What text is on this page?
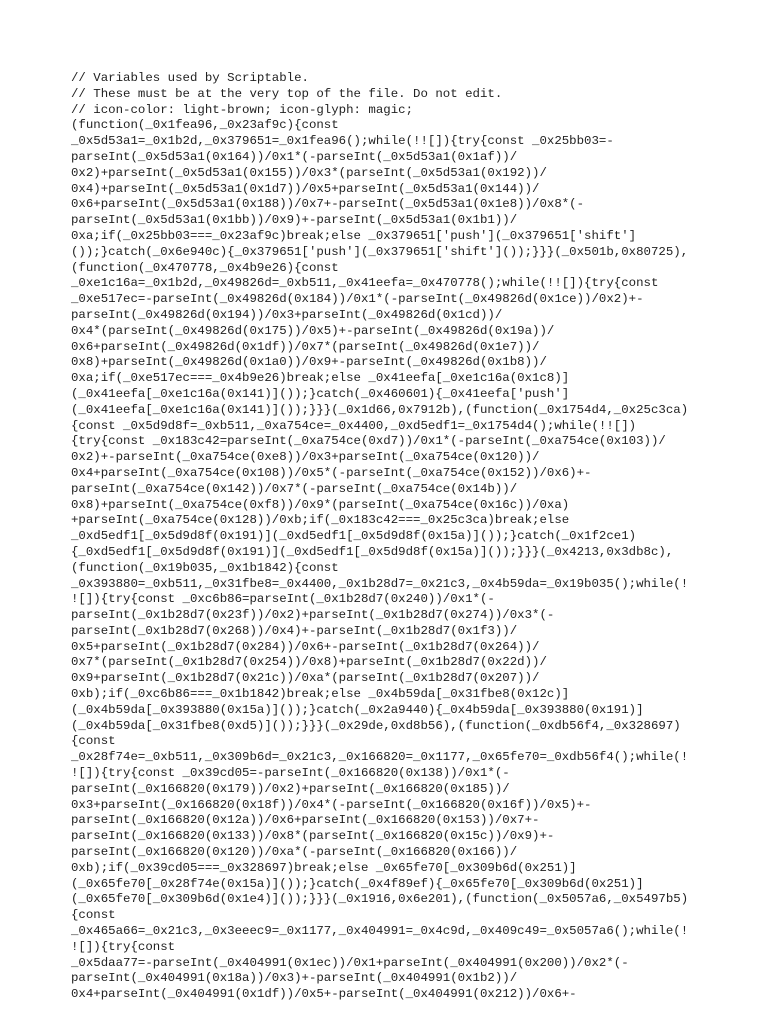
// Variables used by Scriptable.
// These must be at the very top of the file. Do not edit.
// icon-color: light-brown; icon-glyph: magic;
(function(_0x1fea96,_0x23af9c){const
_0x5d53a1=_0x1b2d,_0x379651=_0x1fea96();while(!![]){try{const _0x25bb03=-
parseInt(_0x5d53a1(0x164))/0x1*(-parseInt(_0x5d53a1(0x1af))/
0x2)+parseInt(_0x5d53a1(0x155))/0x3*(parseInt(_0x5d53a1(0x192))/
0x4)+parseInt(_0x5d53a1(0x1d7))/0x5+parseInt(_0x5d53a1(0x144))/
0x6+parseInt(_0x5d53a1(0x188))/0x7+-parseInt(_0x5d53a1(0x1e8))/0x8*(-
parseInt(_0x5d53a1(0x1bb))/0x9)+-parseInt(_0x5d53a1(0x1b1))/
0xa;if(_0x25bb03===_0x23af9c)break;else _0x379651['push'](_0x379651['shift']
());}catch(_0x6e940c){_0x379651['push'](_0x379651['shift']());}}}(_0x501b,0x80725),
(function(_0x470778,_0x4b9e26){const
_0xe1c16a=_0x1b2d,_0x49826d=_0xb511,_0x41eefa=_0x470778();while(!![]){try{const
_0xe517ec=-parseInt(_0x49826d(0x184))/0x1*(-parseInt(_0x49826d(0x1ce))/0x2)+-
parseInt(_0x49826d(0x194))/0x3+parseInt(_0x49826d(0x1cd))/
0x4*(parseInt(_0x49826d(0x175))/0x5)+-parseInt(_0x49826d(0x19a))/
0x6+parseInt(_0x49826d(0x1df))/0x7*(parseInt(_0x49826d(0x1e7))/
0x8)+parseInt(_0x49826d(0x1a0))/0x9+-parseInt(_0x49826d(0x1b8))/
0xa;if(_0xe517ec===_0x4b9e26)break;else _0x41eefa[_0xe1c16a(0x1c8)]
(_0x41eefa[_0xe1c16a(0x141)]());}catch(_0x460601){_0x41eefa['push']
(_0x41eefa[_0xe1c16a(0x141)]());}}}(_0x1d66,0x7912b),(function(_0x1754d4,_0x25c3ca)
{const _0x5d9d8f=_0xb511,_0xa754ce=_0x4400,_0xd5edf1=_0x1754d4();while(!![])
{try{const _0x183c42=parseInt(_0xa754ce(0xd7))/0x1*(-parseInt(_0xa754ce(0x103))/
0x2)+-parseInt(_0xa754ce(0xe8))/0x3+parseInt(_0xa754ce(0x120))/
0x4+parseInt(_0xa754ce(0x108))/0x5*(-parseInt(_0xa754ce(0x152))/0x6)+-
parseInt(_0xa754ce(0x142))/0x7*(-parseInt(_0xa754ce(0x14b))/
0x8)+parseInt(_0xa754ce(0xf8))/0x9*(parseInt(_0xa754ce(0x16c))/0xa)
+parseInt(_0xa754ce(0x128))/0xb;if(_0x183c42===_0x25c3ca)break;else
_0xd5edf1[_0x5d9d8f(0x191)](_0xd5edf1[_0x5d9d8f(0x15a)]());}catch(_0x1f2ce1)
{_0xd5edf1[_0x5d9d8f(0x191)](_0xd5edf1[_0x5d9d8f(0x15a)]());}}}(_0x4213,0x3db8c),
(function(_0x19b035,_0x1b1842){const
_0x393880=_0xb511,_0x31fbe8=_0x4400,_0x1b28d7=_0x21c3,_0x4b59da=_0x19b035();while(!
![]){try{const _0xc6b86=parseInt(_0x1b28d7(0x240))/0x1*(-
parseInt(_0x1b28d7(0x23f))/0x2)+parseInt(_0x1b28d7(0x274))/0x3*(-
parseInt(_0x1b28d7(0x268))/0x4)+-parseInt(_0x1b28d7(0x1f3))/
0x5+parseInt(_0x1b28d7(0x284))/0x6+-parseInt(_0x1b28d7(0x264))/
0x7*(parseInt(_0x1b28d7(0x254))/0x8)+parseInt(_0x1b28d7(0x22d))/
0x9+parseInt(_0x1b28d7(0x21c))/0xa*(parseInt(_0x1b28d7(0x207))/
0xb);if(_0xc6b86===_0x1b1842)break;else _0x4b59da[_0x31fbe8(0x12c)]
(_0x4b59da[_0x393880(0x15a)]());}catch(_0x2a9440){_0x4b59da[_0x393880(0x191)]
(_0x4b59da[_0x31fbe8(0xd5)]());}}}(_0x29de,0xd8b56),(function(_0xdb56f4,_0x328697)
{const
_0x28f74e=_0xb511,_0x309b6d=_0x21c3,_0x166820=_0x1177,_0x65fe70=_0xdb56f4();while(!
![]){try{const _0x39cd05=-parseInt(_0x166820(0x138))/0x1*(-
parseInt(_0x166820(0x179))/0x2)+parseInt(_0x166820(0x185))/
0x3+parseInt(_0x166820(0x18f))/0x4*(-parseInt(_0x166820(0x16f))/0x5)+-
parseInt(_0x166820(0x12a))/0x6+parseInt(_0x166820(0x153))/0x7+-
parseInt(_0x166820(0x133))/0x8*(parseInt(_0x166820(0x15c))/0x9)+-
parseInt(_0x166820(0x120))/0xa*(-parseInt(_0x166820(0x166))/
0xb);if(_0x39cd05===_0x328697)break;else _0x65fe70[_0x309b6d(0x251)]
(_0x65fe70[_0x28f74e(0x15a)]());}catch(_0x4f89ef){_0x65fe70[_0x309b6d(0x251)]
(_0x65fe70[_0x309b6d(0x1e4)]());}}}(_0x1916,0x6e201),(function(_0x5057a6,_0x5497b5)
{const
_0x465a66=_0x21c3,_0x3eeec9=_0x1177,_0x404991=_0x4c9d,_0x409c49=_0x5057a6();while(!
![]){try{const
_0x5daa77=-parseInt(_0x404991(0x1ec))/0x1+parseInt(_0x404991(0x200))/0x2*(-
parseInt(_0x404991(0x18a))/0x3)+-parseInt(_0x404991(0x1b2))/
0x4+parseInt(_0x404991(0x1df))/0x5+-parseInt(_0x404991(0x212))/0x6+-
